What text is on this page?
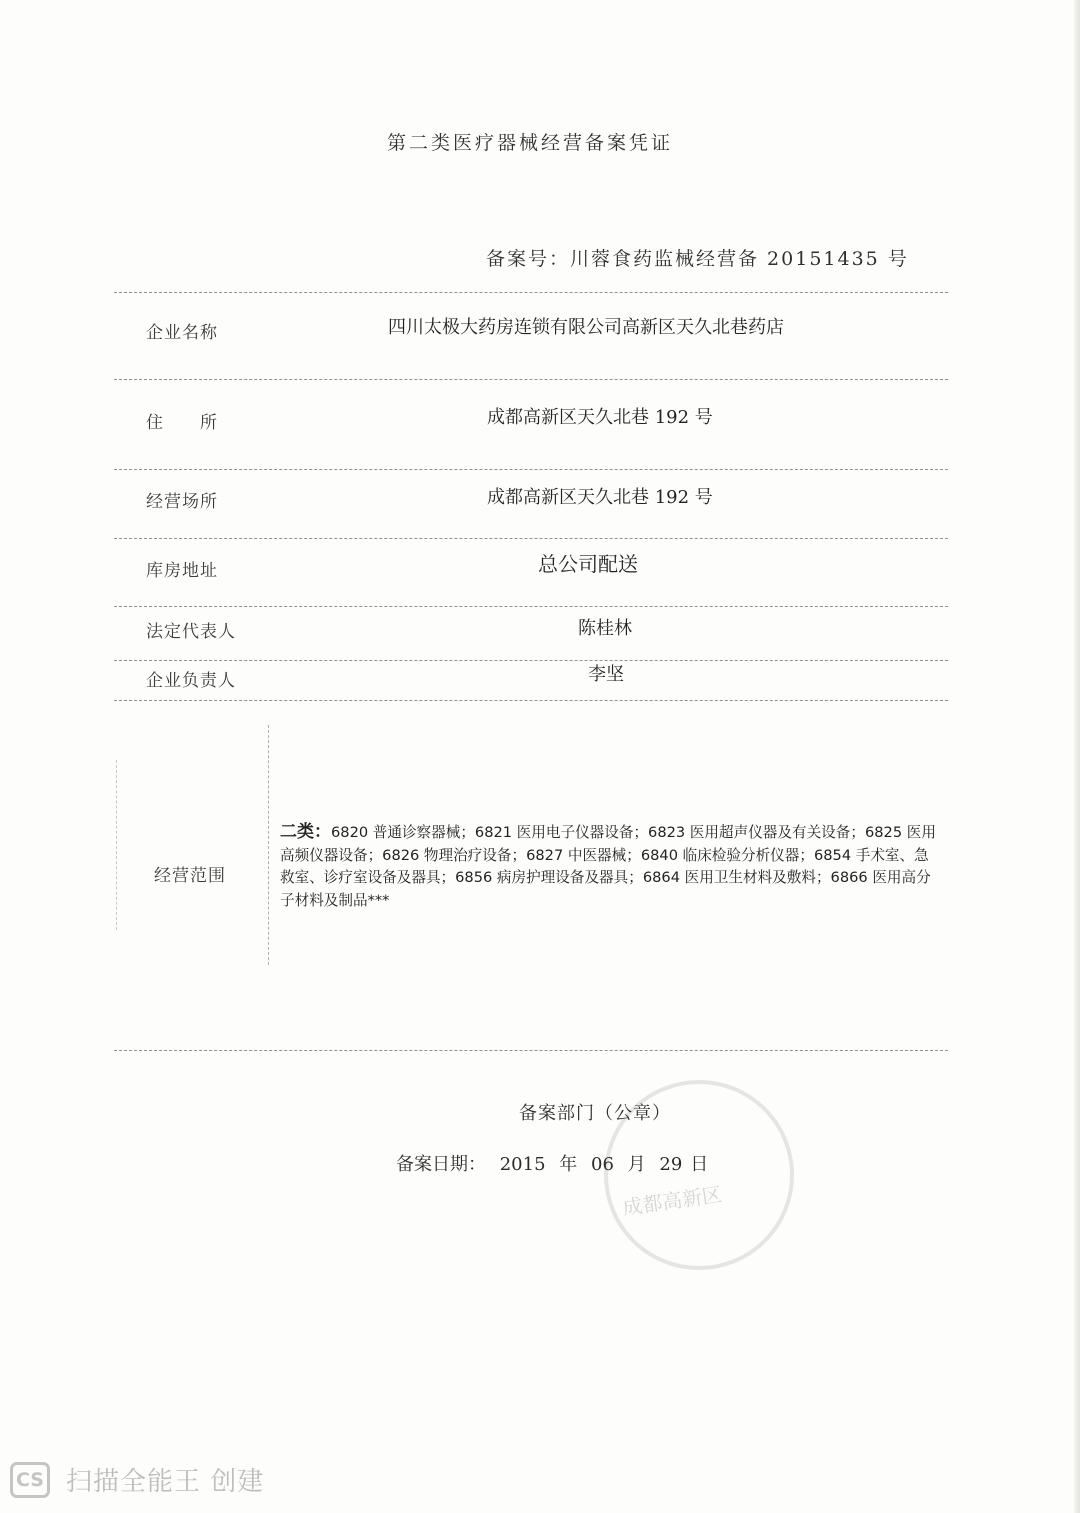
第二类医疗器械经营备案凭证
备案号：川蓉食药监械经营备 20151435 号
企业名称	四川太极大药房连锁有限公司高新区天久北巷药店
住　　所	成都高新区天久北巷 192 号
经营场所	成都高新区天久北巷 192 号
库房地址	总公司配送
法定代表人	陈桂林
企业负责人	李坚
经营范围
二类：6820 普通诊察器械；6821 医用电子仪器设备；6823 医用超声仪器及有关设备；6825 医用高频仪器设备；6826 物理治疗设备；6827 中医器械；6840 临床检验分析仪器；6854 手术室、急救室、诊疗室设备及器具；6856 病房护理设备及器具；6864 医用卫生材料及敷料；6866 医用高分子材料及制品***
成都高新区
备案部门（公章）
备案日期： 2015 年 06 月 29 日
CS 扫描全能王 创建
